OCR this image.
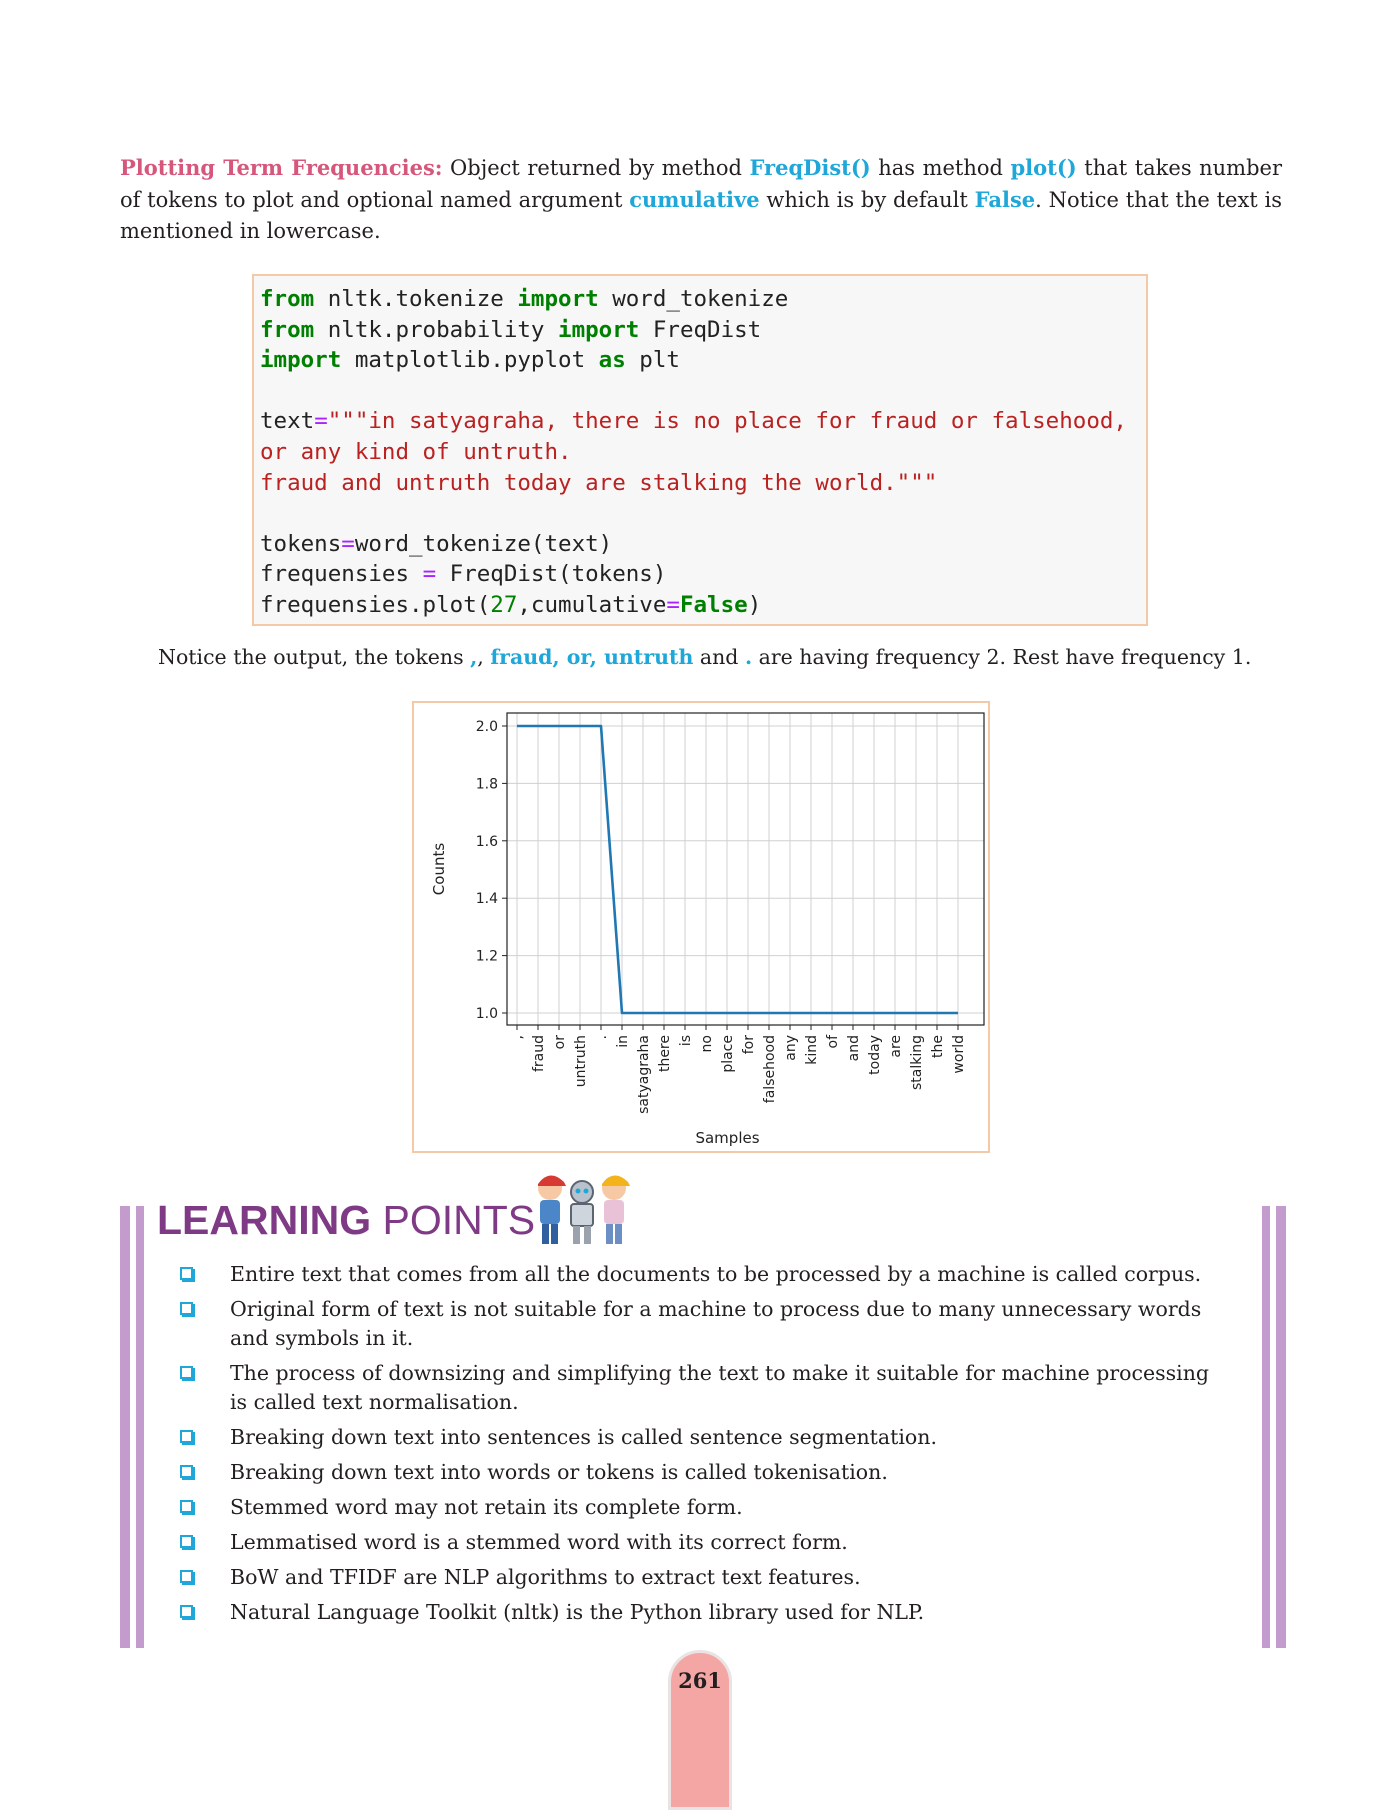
Plotting Term Frequencies: Object returned by method FreqDist() has method plot() that takes number of tokens to plot and optional named argument cumulative which is by default False. Notice that the text is mentioned in lowercase.
from nltk.tokenize import word_tokenize
from nltk.probability import FreqDist
import matplotlib.pyplot as plt
text="""in satyagraha, there is no place for fraud or falsehood,
or any kind of untruth.
fraud and untruth today are stalking the world."""
tokens=word_tokenize(text)
frequensies = FreqDist(tokens)
frequensies.plot(27,cumulative=False)
Notice the output, the tokens ,, fraud, or, untruth and . are having frequency 2. Rest have frequency 1.
1.0
1.2
1.4
1.6
1.8
2.0
, fraud or untruth . in satyagraha there is no place for falsehood any kind of and today are stalking the world
Counts
Samples
LEARNING POINTS
Entire text that comes from all the documents to be processed by a machine is called corpus.
Original form of text is not suitable for a machine to process due to many unnecessary words and symbols in it.
The process of downsizing and simplifying the text to make it suitable for machine processing is called text normalisation.
Breaking down text into sentences is called sentence segmentation.
Breaking down text into words or tokens is called tokenisation.
Stemmed word may not retain its complete form.
Lemmatised word is a stemmed word with its correct form.
BoW and TFIDF are NLP algorithms to extract text features.
Natural Language Toolkit (nltk) is the Python library used for NLP.
261
